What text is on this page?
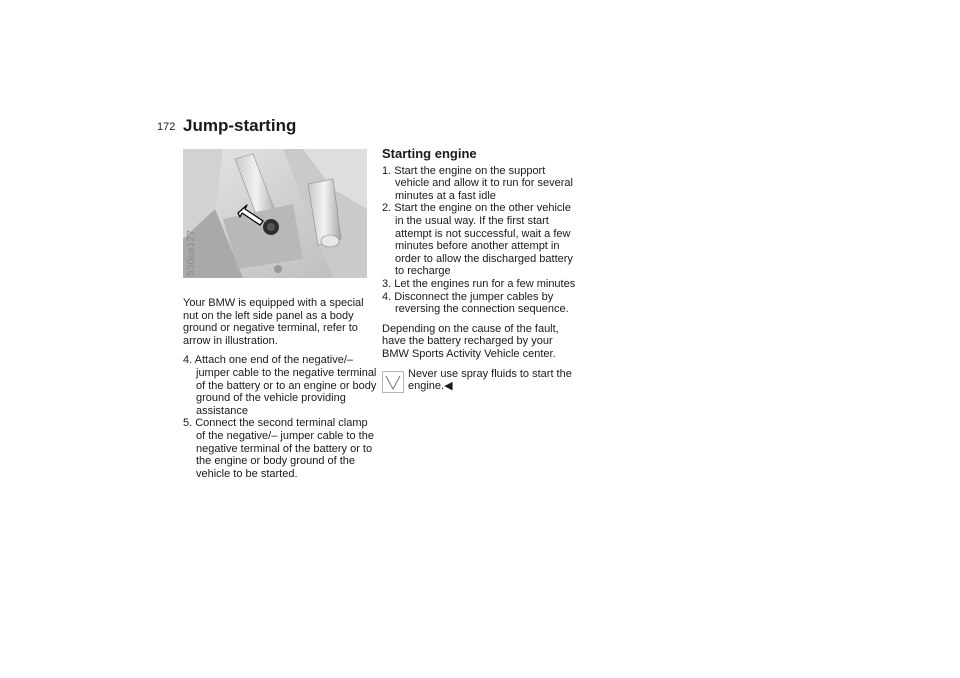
172 Jump-starting
530us127

Your BMW is equipped with a special nut on the left side panel as a body ground or negative terminal, refer to arrow in illustration.

4. Attach one end of the negative/– jumper cable to the negative terminal of the battery or to an engine or body ground of the vehicle providing assistance
5. Connect the second terminal clamp of the negative/– jumper cable to the negative terminal of the battery or to the engine or body ground of the vehicle to be started.
Starting engine
1. Start the engine on the support vehicle and allow it to run for several minutes at a fast idle
2. Start the engine on the other vehicle in the usual way. If the first start attempt is not successful, wait a few minutes before another attempt in order to allow the discharged battery to recharge
3. Let the engines run for a few minutes
4. Disconnect the jumper cables by reversing the connection sequence.

Depending on the cause of the fault, have the battery recharged by your BMW Sports Activity Vehicle center.

Never use spray fluids to start the engine.◀
